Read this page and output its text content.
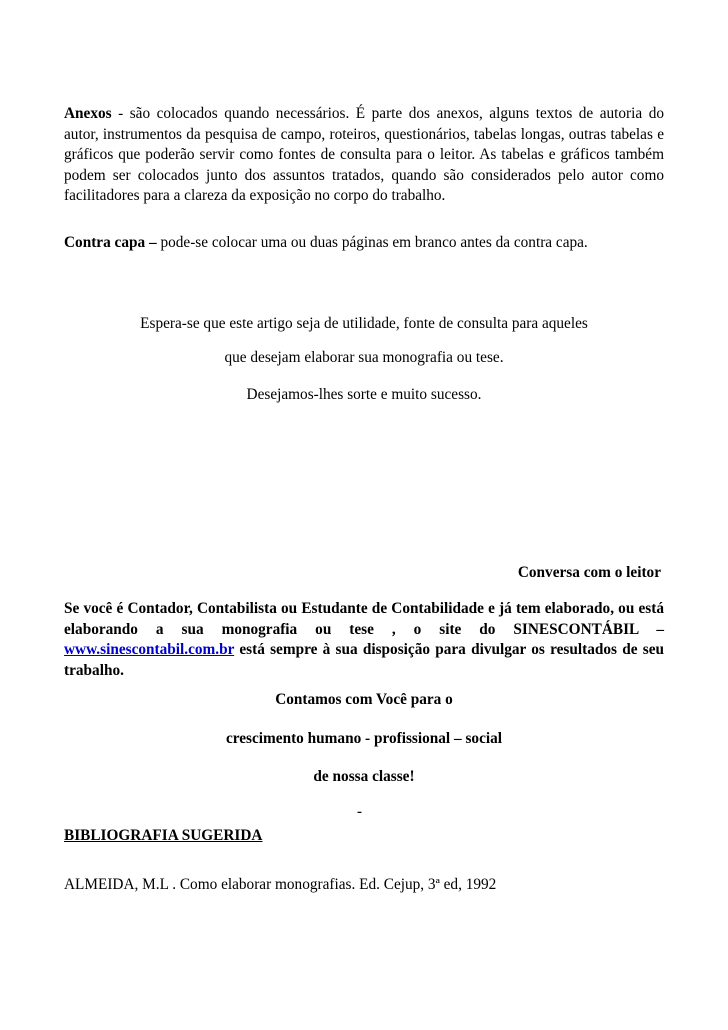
Anexos - são colocados quando necessários. É parte dos anexos, alguns textos de autoria do autor, instrumentos da pesquisa de campo, roteiros, questionários, tabelas longas, outras tabelas e gráficos que poderão servir como fontes de consulta para o leitor. As tabelas e gráficos também podem ser colocados junto dos assuntos tratados, quando são considerados pelo autor como facilitadores para a clareza da exposição no corpo do trabalho.
Contra capa – pode-se colocar uma ou duas páginas em branco antes da contra capa.
Espera-se que este artigo seja de utilidade, fonte de consulta para aqueles
que desejam elaborar sua monografia ou tese.
Desejamos-lhes sorte e muito sucesso.
Conversa com o leitor
Se você é Contador, Contabilista ou Estudante de Contabilidade e já tem elaborado, ou está elaborando a sua monografia ou tese , o site do SINESCONTÁBIL – www.sinescontabil.com.br está sempre à sua disposição para divulgar os resultados de seu trabalho.
Contamos com Você para o
crescimento humano - profissional – social
de nossa classe!
-
BIBLIOGRAFIA SUGERIDA
ALMEIDA, M.L . Como elaborar monografias. Ed. Cejup, 3ª ed, 1992
